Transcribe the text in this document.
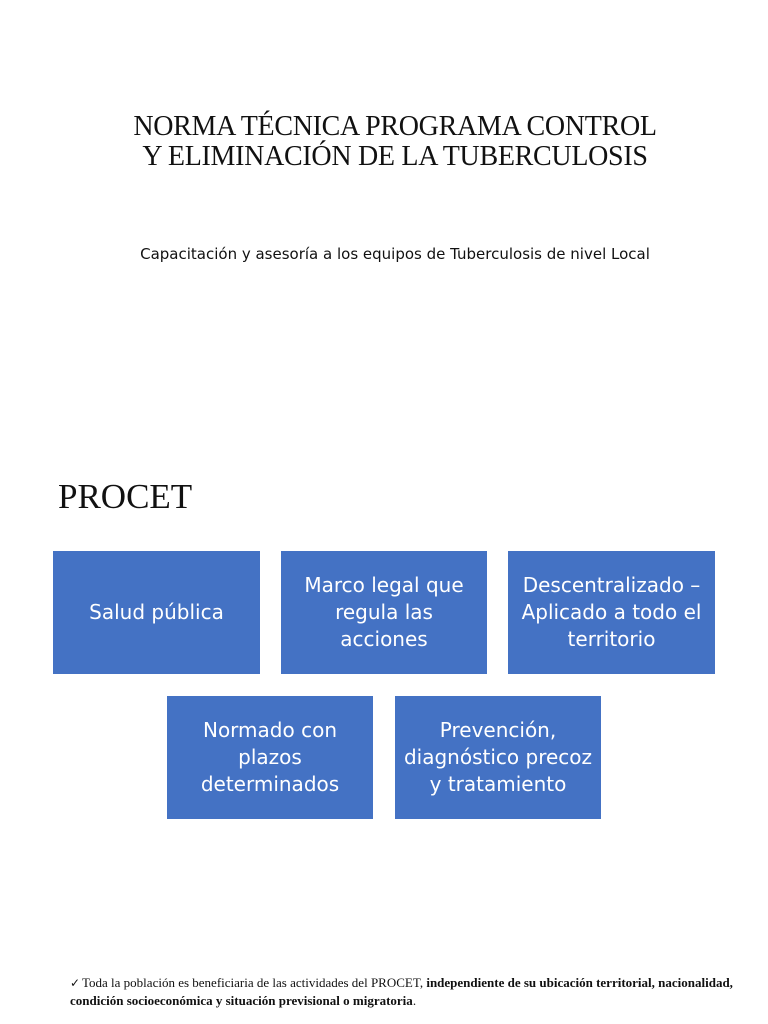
NORMA TÉCNICA PROGRAMA CONTROL
Y ELIMINACIÓN DE LA TUBERCULOSIS
Capacitación y asesoría a los equipos de Tuberculosis de nivel Local
PROCET
Salud pública
Marco legal que regula las acciones
Descentralizado – Aplicado a todo el territorio
Normado con plazos determinados
Prevención, diagnóstico precoz y tratamiento
✓ Toda la población es beneficiaria de las actividades del PROCET, independiente de su ubicación territorial, nacionalidad, condición socioeconómica y situación previsional o migratoria.
